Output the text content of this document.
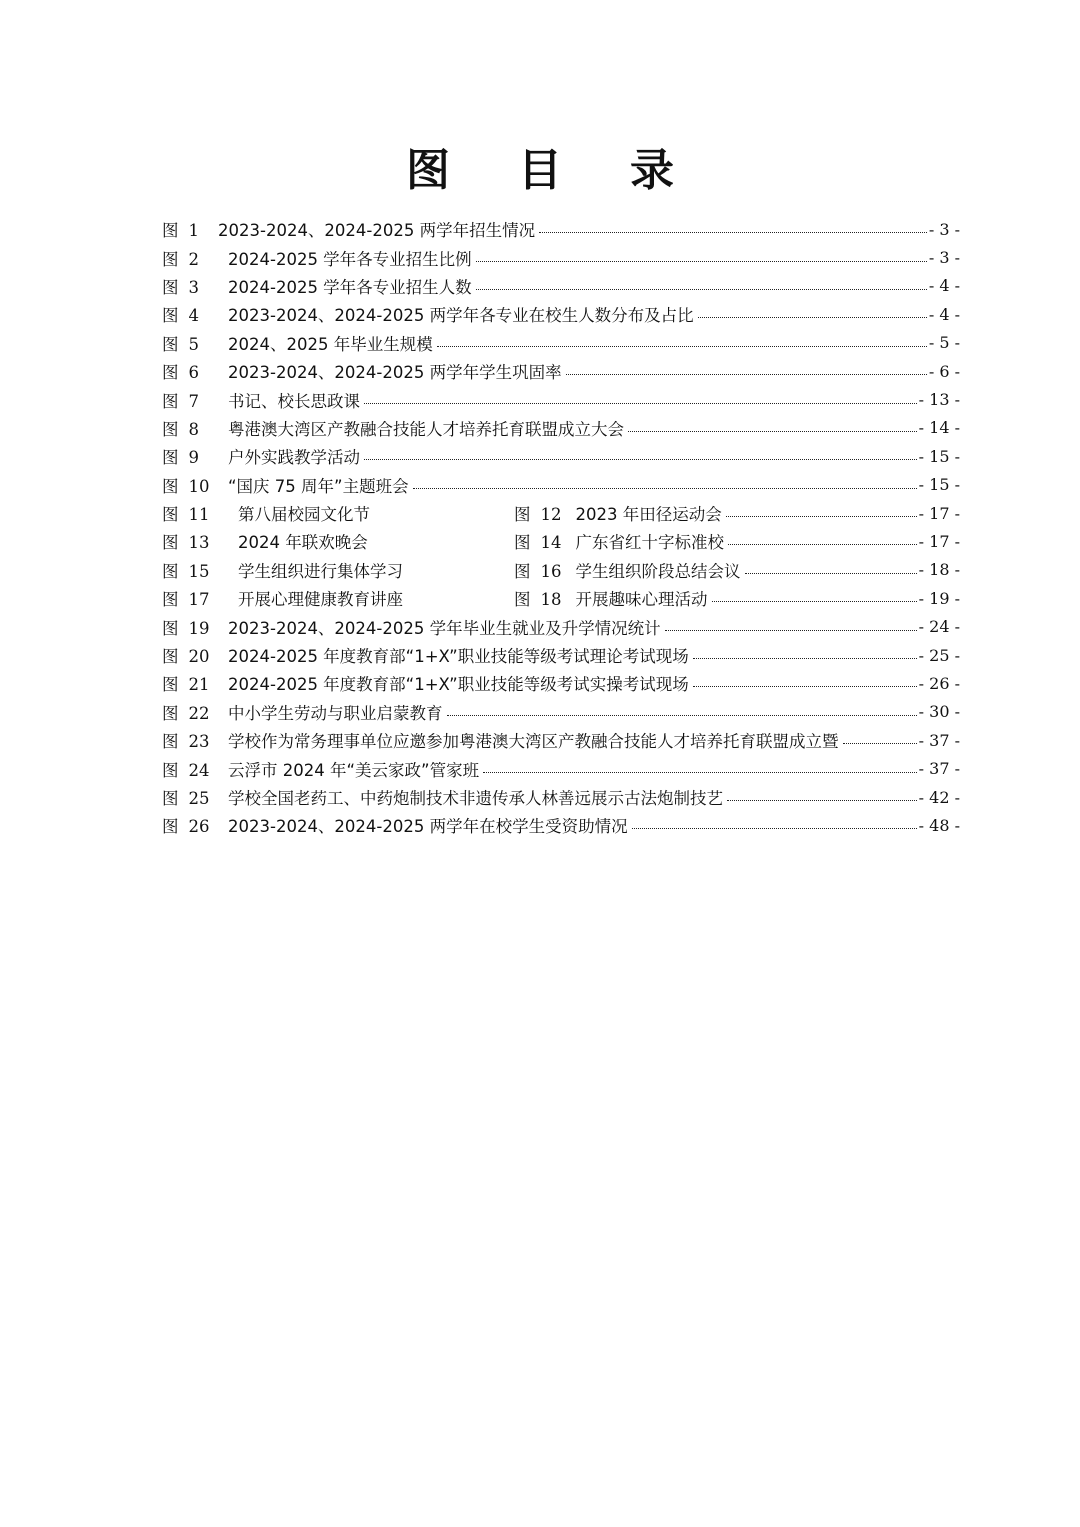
图 目 录
图 1	2023-2024、2024-2025 两学年招生情况	- 3 -
图 2	2024-2025 学年各专业招生比例	- 3 -
图 3	2024-2025 学年各专业招生人数	- 4 -
图 4	2023-2024、2024-2025 两学年各专业在校生人数分布及占比	- 4 -
图 5	2024、2025 年毕业生规模	- 5 -
图 6	2023-2024、2024-2025 两学年学生巩固率	- 6 -
图 7	书记、校长思政课	- 13 -
图 8	粤港澳大湾区产教融合技能人才培养托育联盟成立大会	- 14 -
图 9	户外实践教学活动	- 15 -
图 10	“国庆 75 周年”主题班会	- 15 -
图 11	第八届校园文化节	图 12 2023 年田径运动会	- 17 -
图 13	2024 年联欢晚会	图 14 广东省红十字标准校	- 17 -
图 15	学生组织进行集体学习	图 16 学生组织阶段总结会议	- 18 -
图 17	开展心理健康教育讲座	图 18 开展趣味心理活动	- 19 -
图 19	2023-2024、2024-2025 学年毕业生就业及升学情况统计	- 24 -
图 20	2024-2025 年度教育部“1+X”职业技能等级考试理论考试现场	- 25 -
图 21	2024-2025 年度教育部“1+X”职业技能等级考试实操考试现场	- 26 -
图 22	中小学生劳动与职业启蒙教育	- 30 -
图 23	学校作为常务理事单位应邀参加粤港澳大湾区产教融合技能人才培养托育联盟成立暨	- 37 -
图 24	云浮市 2024 年“美云家政”管家班	- 37 -
图 25	学校全国老药工、中药炮制技术非遗传承人林善远展示古法炮制技艺	- 42 -
图 26	2023-2024、2024-2025 两学年在校学生受资助情况	- 48 -
